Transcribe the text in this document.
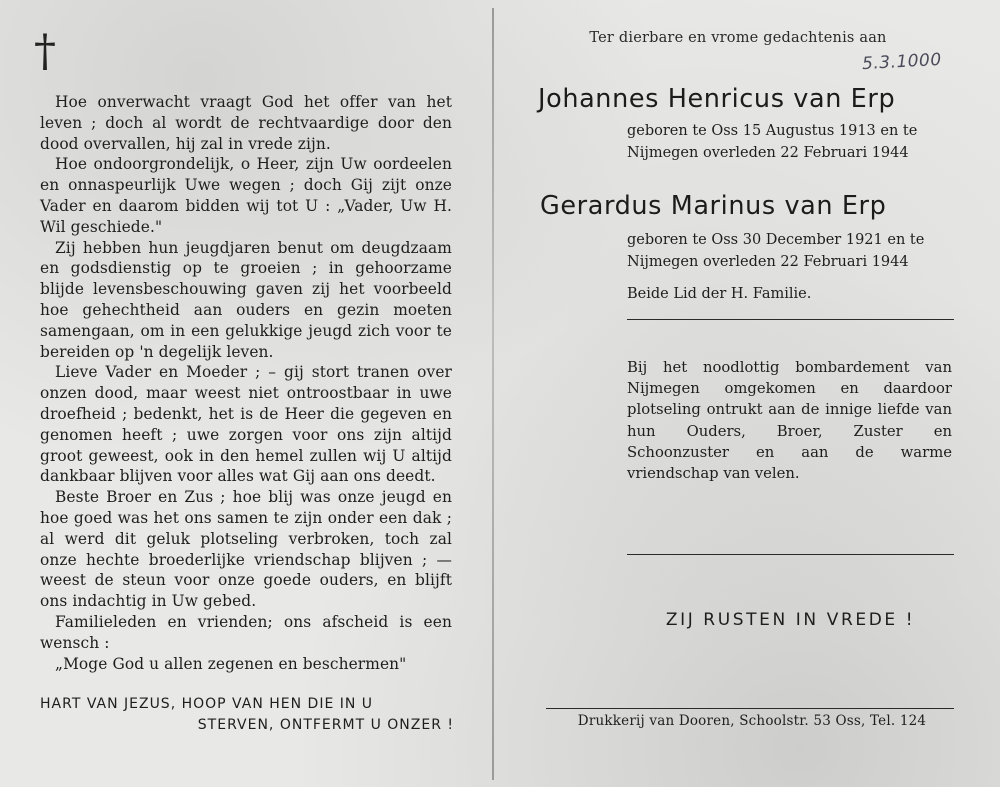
†

Hoe onverwacht vraagt God het offer van het leven ; doch al wordt de rechtvaardige door den dood overvallen, hij zal in vrede zijn.

Hoe ondoorgrondelijk, o Heer, zijn Uw oordeelen en onnaspeurlijk Uwe wegen ; doch Gij zijt onze Vader en daarom bidden wij tot U : „Vader, Uw H. Wil geschiede."

Zij hebben hun jeugdjaren benut om deugdzaam en godsdienstig op te groeien ; in gehoorzame blijde levensbeschouwing gaven zij het voorbeeld hoe gehechtheid aan ouders en gezin moeten samengaan, om in een gelukkige jeugd zich voor te bereiden op 'n degelijk leven.

Lieve Vader en Moeder ; – gij stort tranen over onzen dood, maar weest niet ontroostbaar in uwe droefheid ; bedenkt, het is de Heer die gegeven en genomen heeft ; uwe zorgen voor ons zijn altijd groot geweest, ook in den hemel zullen wij U altijd dankbaar blijven voor alles wat Gij aan ons deedt.

Beste Broer en Zus ; hoe blij was onze jeugd en hoe goed was het ons samen te zijn onder een dak ; al werd dit geluk plotseling verbroken, toch zal onze hechte broederlijke vriendschap blijven ; — weest de steun voor onze goede ouders, en blijft ons indachtig in Uw gebed.

Familieleden en vrienden; ons afscheid is een wensch :

„Moge God u allen zegenen en beschermen"

HART VAN JEZUS, HOOP VAN HEN DIE IN U
STERVEN, ONTFERMT U ONZER !
Ter dierbare en vrome gedachtenis aan
5.3.1000
Johannes Henricus van Erp
geboren te Oss 15 Augustus 1913 en te
Nijmegen overleden 22 Februari 1944
Gerardus Marinus van Erp
geboren te Oss 30 December 1921 en te
Nijmegen overleden 22 Februari 1944
Beide Lid der H. Familie.
Bij het noodlottig bombardement van Nijmegen omgekomen en daardoor plotseling ontrukt aan de innige liefde van hun Ouders, Broer, Zuster en Schoonzuster en aan de warme vriendschap van velen.
ZIJ RUSTEN IN VREDE !
Drukkerij van Dooren, Schoolstr. 53 Oss, Tel. 124
